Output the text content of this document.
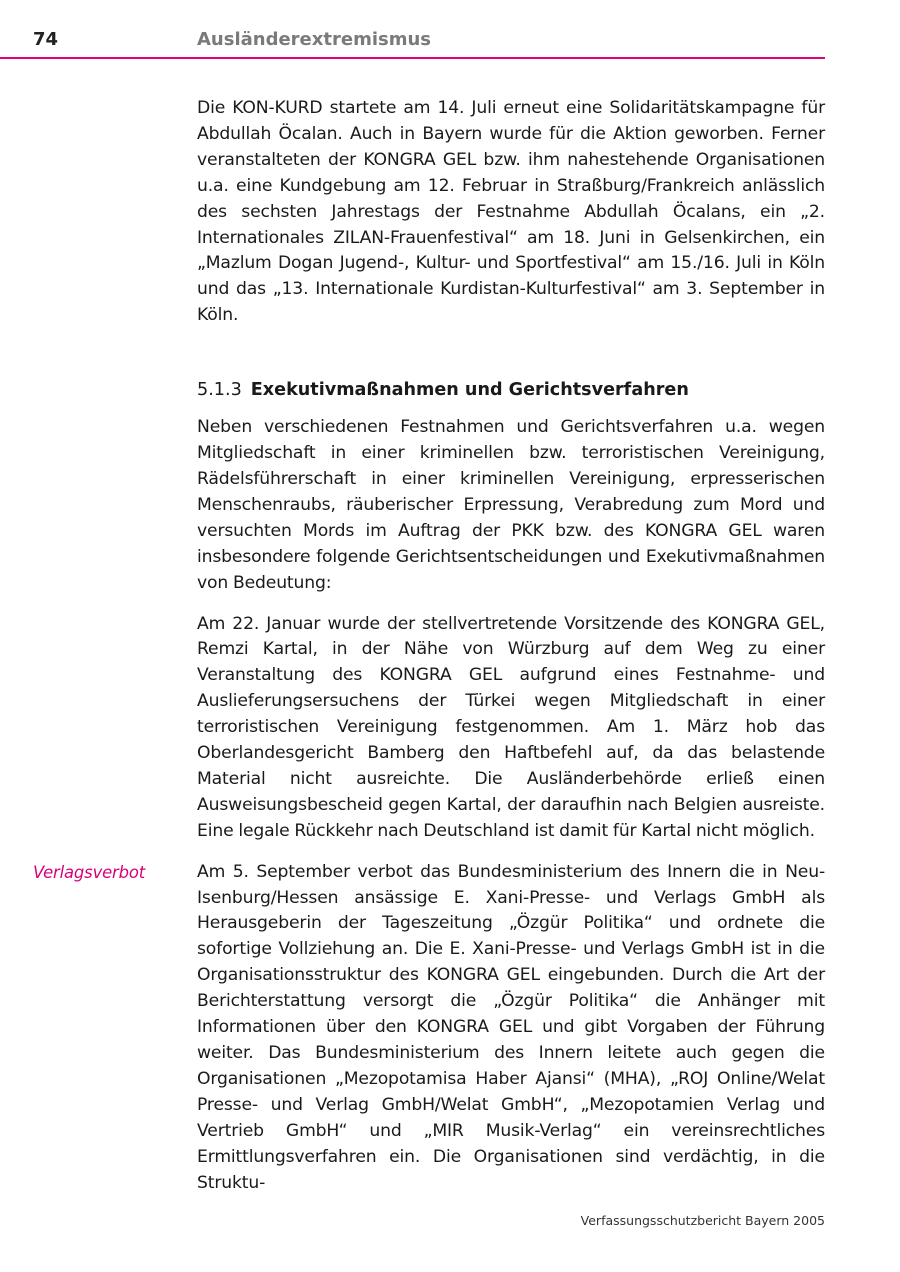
74	Ausländerextremismus

Die KON-KURD startete am 14. Juli erneut eine Solidaritätskampagne für Abdullah Öcalan. Auch in Bayern wurde für die Aktion geworben. Ferner veranstalteten der KONGRA GEL bzw. ihm nahestehende Organisationen u.a. eine Kundgebung am 12. Februar in Straßburg/Frankreich anlässlich des sechsten Jahrestags der Festnahme Abdullah Öcalans, ein „2. Internationales ZILAN-Frauenfestival“ am 18. Juni in Gelsenkirchen, ein „Mazlum Dogan Jugend-, Kultur- und Sportfestival“ am 15./16. Juli in Köln und das „13. Internationale Kurdistan-Kulturfestival“ am 3. September in Köln.

5.1.3 Exekutivmaßnahmen und Gerichtsverfahren

Neben verschiedenen Festnahmen und Gerichtsverfahren u.a. wegen Mitgliedschaft in einer kriminellen bzw. terroristischen Vereinigung, Rädelsführerschaft in einer kriminellen Vereinigung, erpresserischen Menschenraubs, räuberischer Erpressung, Verabredung zum Mord und versuchten Mords im Auftrag der PKK bzw. des KONGRA GEL waren insbesondere folgende Gerichtsentscheidungen und Exekutivmaßnahmen von Bedeutung:

Am 22. Januar wurde der stellvertretende Vorsitzende des KONGRA GEL, Remzi Kartal, in der Nähe von Würzburg auf dem Weg zu einer Veranstaltung des KONGRA GEL aufgrund eines Festnahme- und Auslieferungsersuchens der Türkei wegen Mitgliedschaft in einer terroristischen Vereinigung festgenommen. Am 1. März hob das Oberlandesgericht Bamberg den Haftbefehl auf, da das belastende Material nicht ausreichte. Die Ausländerbehörde erließ einen Ausweisungsbescheid gegen Kartal, der daraufhin nach Belgien ausreiste. Eine legale Rückkehr nach Deutschland ist damit für Kartal nicht möglich.

Verlagsverbot	Am 5. September verbot das Bundesministerium des Innern die in Neu-Isenburg/Hessen ansässige E. Xani-Presse- und Verlags GmbH als Herausgeberin der Tageszeitung „Özgür Politika“ und ordnete die sofortige Vollziehung an. Die E. Xani-Presse- und Verlags GmbH ist in die Organisationsstruktur des KONGRA GEL eingebunden. Durch die Art der Berichterstattung versorgt die „Özgür Politika“ die Anhänger mit Informationen über den KONGRA GEL und gibt Vorgaben der Führung weiter. Das Bundesministerium des Innern leitete auch gegen die Organisationen „Mezopotamisa Haber Ajansi“ (MHA), „ROJ Online/Welat Presse- und Verlag GmbH/Welat GmbH“, „Mezopotamien Verlag und Vertrieb GmbH“ und „MIR Musik-Verlag“ ein vereinsrechtliches Ermittlungsverfahren ein. Die Organisationen sind verdächtig, in die Struktu-

Verfassungsschutzbericht Bayern 2005
